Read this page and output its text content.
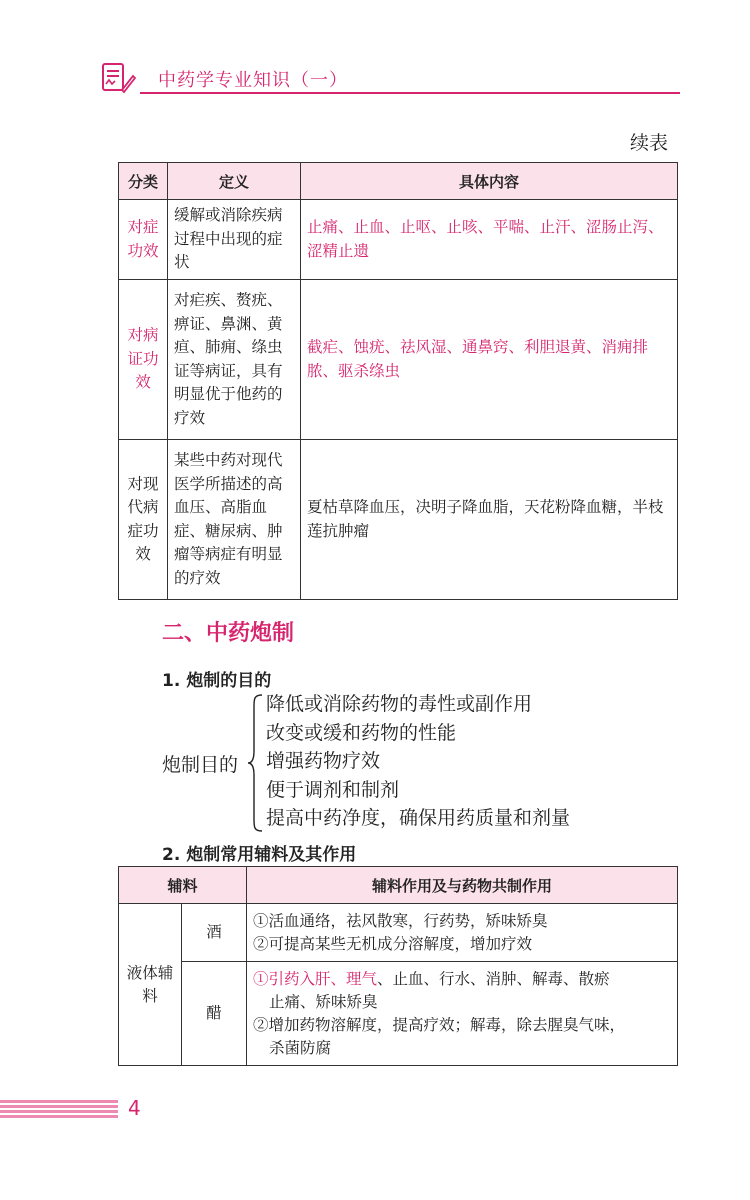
中药学专业知识（一）
续表
分类	定义	具体内容
对症功效	缓解或消除疾病过程中出现的症状	止痛、止血、止呕、止咳、平喘、止汗、涩肠止泻、涩精止遗
对病证功效	对疟疾、赘疣、痹证、鼻渊、黄疸、肺痈、绦虫证等病证，具有明显优于他药的疗效	截疟、蚀疣、祛风湿、通鼻窍、利胆退黄、消痈排脓、驱杀绦虫
对现代病症功效	某些中药对现代医学所描述的高血压、高脂血症、糖尿病、肿瘤等病症有明显的疗效	夏枯草降血压，决明子降血脂，天花粉降血糖，半枝莲抗肿瘤
二、中药炮制
1. 炮制的目的
炮制目的
降低或消除药物的毒性或副作用
改变或缓和药物的性能
增强药物疗效
便于调剂和制剂
提高中药净度，确保用药质量和剂量
2. 炮制常用辅料及其作用
辅料		辅料作用及与药物共制作用
液体辅料	酒	①活血通络，祛风散寒，行药势，矫味矫臭
②可提高某些无机成分溶解度，增加疗效

	醋	①引药入肝、理气、止血、行水、消肿、解毒、散瘀
止痛、矫味矫臭
②增加药物溶解度，提高疗效；解毒，除去腥臭气味，
杀菌防腐
4
